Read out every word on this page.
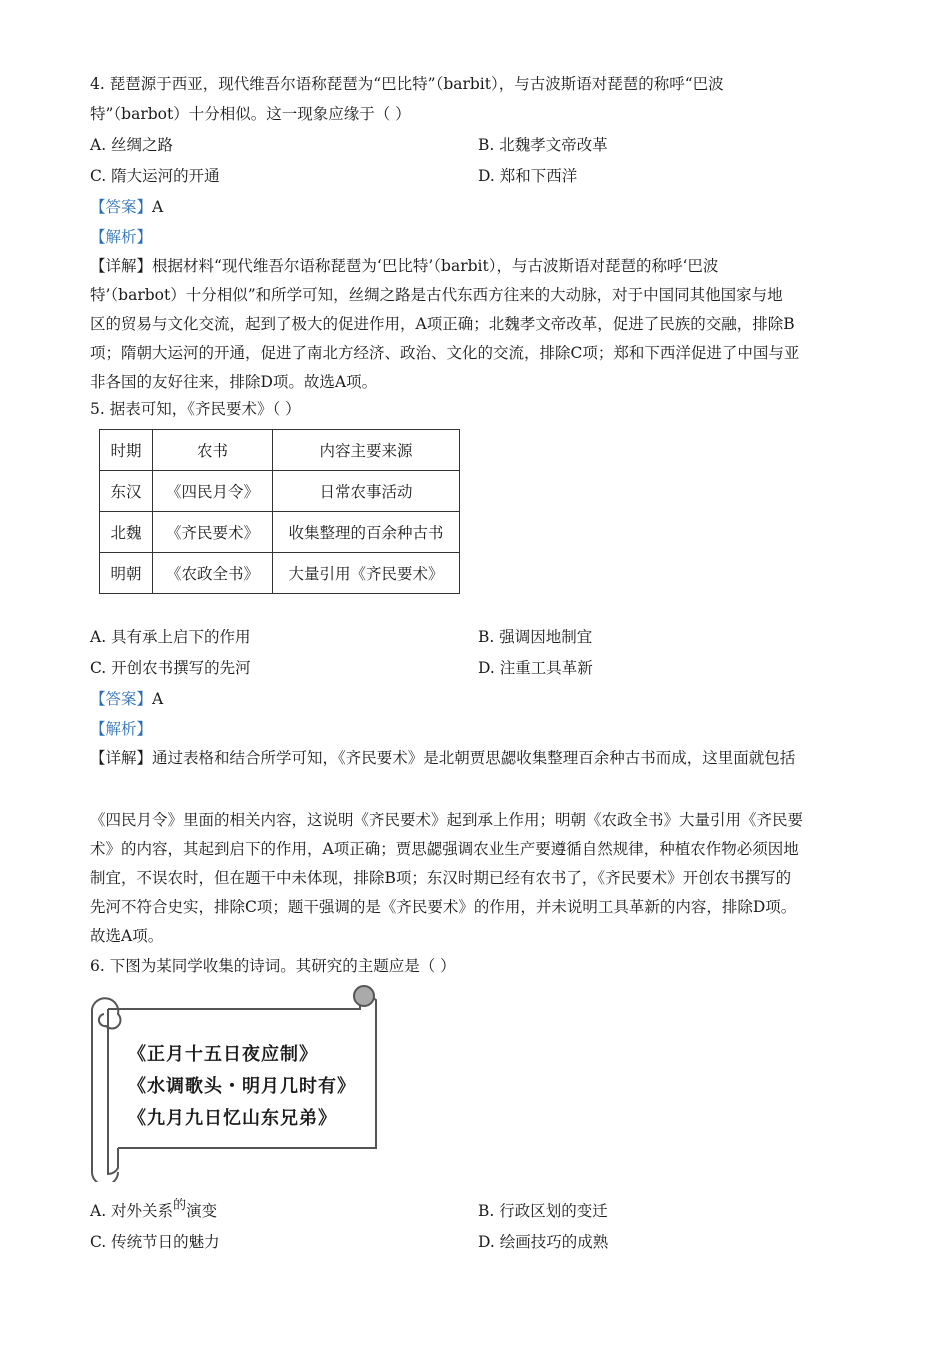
4. 琵琶源于西亚，现代维吾尔语称琵琶为“巴比特”（barbit），与古波斯语对琵琶的称呼“巴波
特”（barbot）十分相似。这一现象应缘于（ ）
A. 丝绸之路	B. 北魏孝文帝改革
C. 隋大运河的开通	D. 郑和下西洋
【答案】A
【解析】
【详解】根据材料“现代维吾尔语称琵琶为‘巴比特’（barbit），与古波斯语对琵琶的称呼‘巴波
特’（barbot）十分相似”和所学可知，丝绸之路是古代东西方往来的大动脉，对于中国同其他国家与地
区的贸易与文化交流，起到了极大的促进作用，A项正确；北魏孝文帝改革，促进了民族的交融，排除B
项；隋朝大运河的开通，促进了南北方经济、政治、文化的交流，排除C项；郑和下西洋促进了中国与亚
非各国的友好往来，排除D项。故选A项。
5. 据表可知，《齐民要术》（ ）
时期	农书	内容主要来源
东汉	《四民月令》	日常农事活动
北魏	《齐民要术》	收集整理的百余种古书
明朝	《农政全书》	大量引用《齐民要术》
A. 具有承上启下的作用	B. 强调因地制宜
C. 开创农书撰写的先河	D. 注重工具革新
【答案】A
【解析】
【详解】通过表格和结合所学可知，《齐民要术》是北朝贾思勰收集整理百余种古书而成，这里面就包括
《四民月令》里面的相关内容，这说明《齐民要术》起到承上作用；明朝《农政全书》大量引用《齐民要
术》的内容，其起到启下的作用，A项正确；贾思勰强调农业生产要遵循自然规律，种植农作物必须因地
制宜，不误农时，但在题干中未体现，排除B项；东汉时期已经有农书了，《齐民要术》开创农书撰写的
先河不符合史实，排除C项；题干强调的是《齐民要术》的作用，并未说明工具革新的内容，排除D项。
故选A项。
6. 下图为某同学收集的诗词。其研究的主题应是（ ）
《正月十五日夜应制》
《水调歌头・明月几时有》
《九月九日忆山东兄弟》
A. 对外关系$^的$演变	B. 行政区划的变迁
C. 传统节日的魅力	D. 绘画技巧的成熟
